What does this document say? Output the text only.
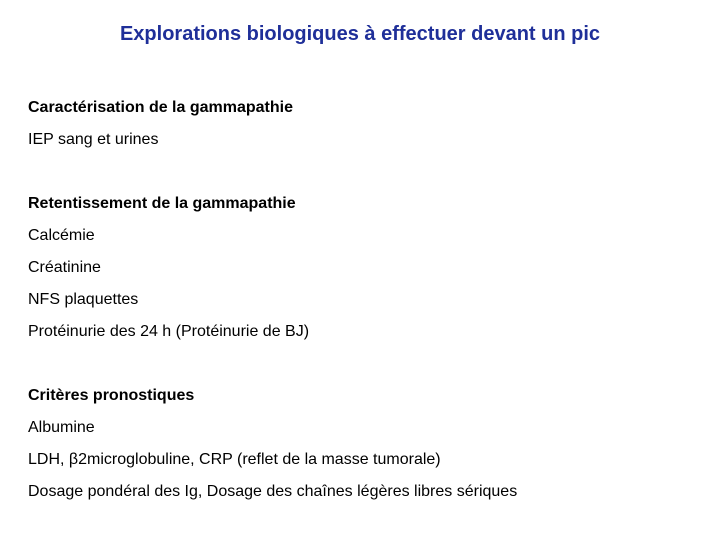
Explorations biologiques à effectuer devant un pic
Caractérisation de la gammapathie
IEP sang et urines
Retentissement de la gammapathie
Calcémie
Créatinine
NFS plaquettes
Protéinurie des 24 h (Protéinurie de BJ)
Critères pronostiques
Albumine
LDH, β2microglobuline, CRP (reflet de la masse tumorale)
Dosage pondéral des Ig, Dosage des chaînes légères libres sériques
